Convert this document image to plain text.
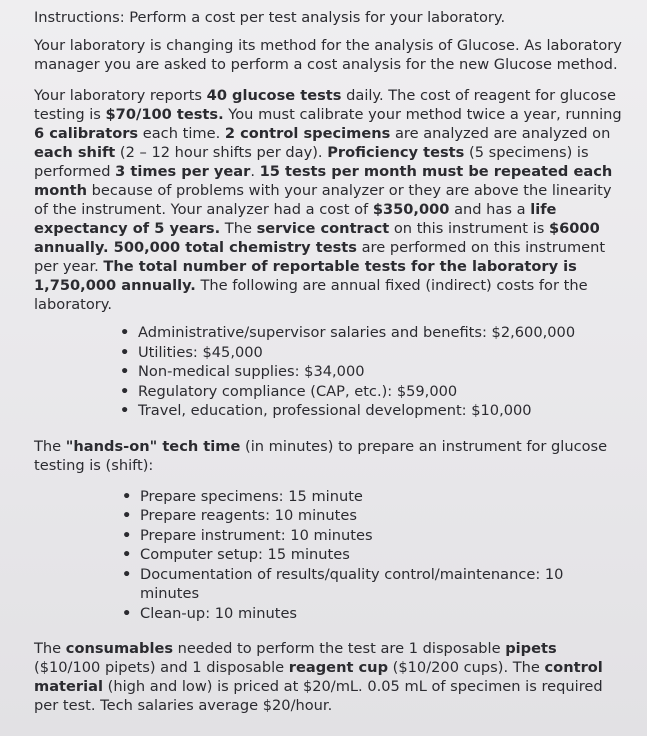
Instructions: Perform a cost per test analysis for your laboratory.

Your laboratory is changing its method for the analysis of Glucose. As laboratory manager you are asked to perform a cost analysis for the new Glucose method.

Your laboratory reports 40 glucose tests daily. The cost of reagent for glucose testing is $70/100 tests. You must calibrate your method twice a year, running 6 calibrators each time. 2 control specimens are analyzed are analyzed on each shift (2 – 12 hour shifts per day). Proficiency tests (5 specimens) is performed 3 times per year. 15 tests per month must be repeated each month because of problems with your analyzer or they are above the linearity of the instrument. Your analyzer had a cost of $350,000 and has a life expectancy of 5 years. The service contract on this instrument is $6000 annually. 500,000 total chemistry tests are performed on this instrument per year. The total number of reportable tests for the laboratory is 1,750,000 annually. The following are annual fixed (indirect) costs for the laboratory.

• Administrative/supervisor salaries and benefits: $2,600,000
• Utilities: $45,000
• Non-medical supplies: $34,000
• Regulatory compliance (CAP, etc.): $59,000
• Travel, education, professional development: $10,000

The "hands-on" tech time (in minutes) to prepare an instrument for glucose testing is (shift):

• Prepare specimens: 15 minute
• Prepare reagents: 10 minutes
• Prepare instrument: 10 minutes
• Computer setup: 15 minutes
• Documentation of results/quality control/maintenance: 10 minutes
• Clean-up: 10 minutes

The consumables needed to perform the test are 1 disposable pipets ($10/100 pipets) and 1 disposable reagent cup ($10/200 cups). The control material (high and low) is priced at $20/mL. 0.05 mL of specimen is required per test. Tech salaries average $20/hour.
